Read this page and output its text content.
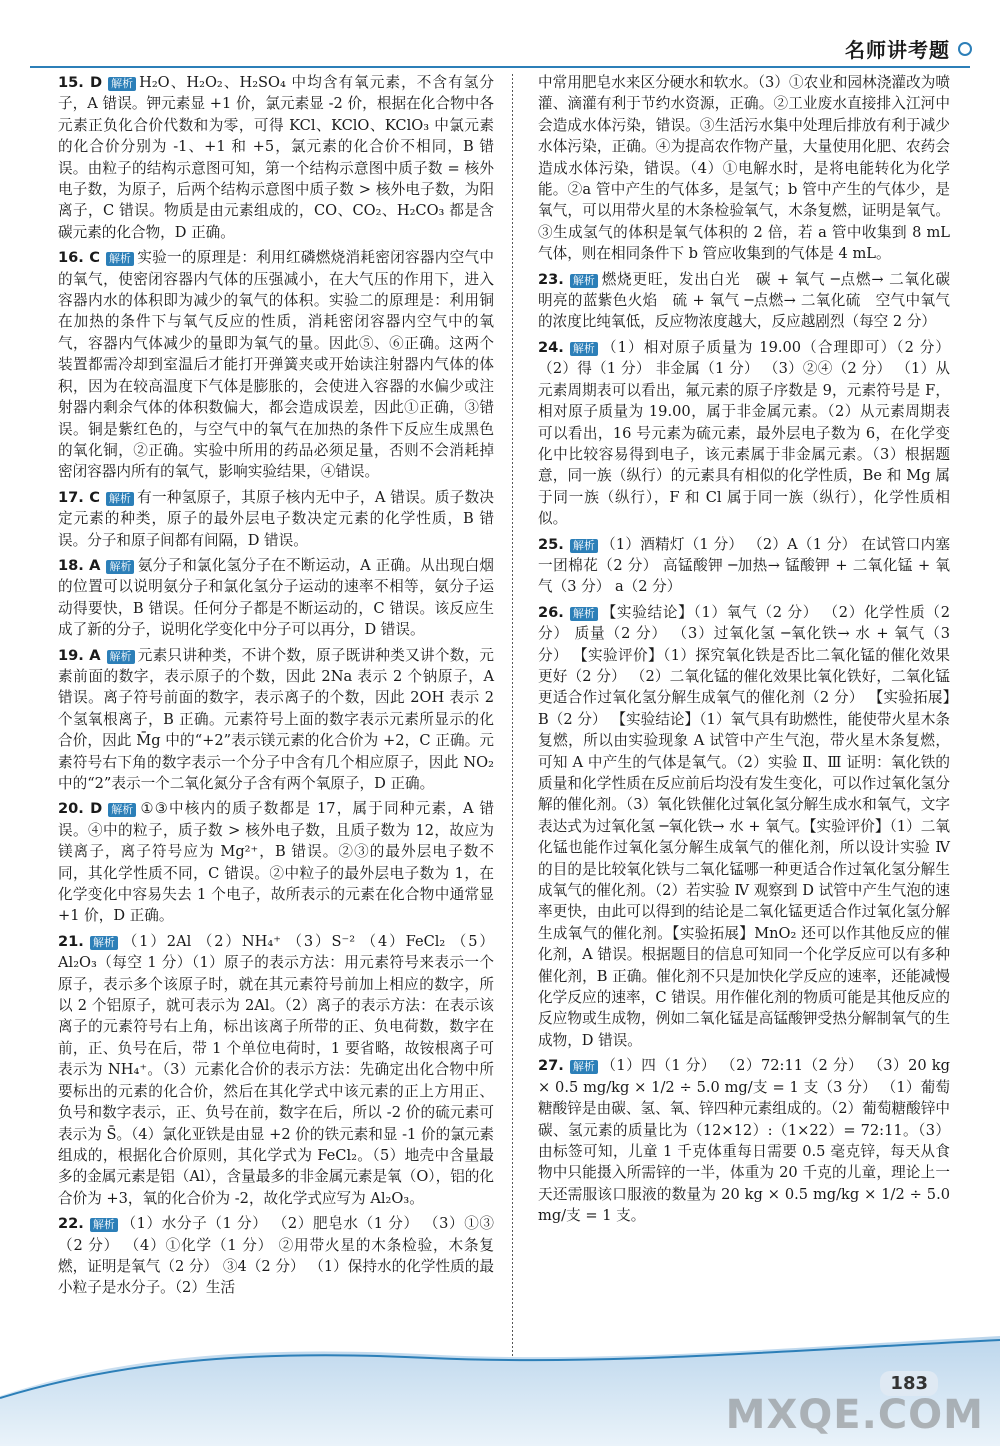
名师讲考题

15. D 解析 H₂O、H₂O₂、H₂SO₄ 中均含有氧元素，不含有氢分子，A 错误。钾元素显 +1 价，氯元素显 -2 价，根据在化合物中各元素正负化合价代数和为零，可得 KCl、KClO、KClO₃ 中氯元素的化合价分别为 -1、+1 和 +5，氯元素的化合价不相同，B 错误。由粒子的结构示意图可知，第一个结构示意图中质子数 = 核外电子数，为原子，后两个结构示意图中质子数 > 核外电子数，为阳离子，C 错误。物质是由元素组成的，CO、CO₂、H₂CO₃ 都是含碳元素的化合物，D 正确。

16. C 解析 实验一的原理是：利用红磷燃烧消耗密闭容器内空气中的氧气，使密闭容器内气体的压强减小，在大气压的作用下，进入容器内水的体积即为减少的氧气的体积。实验二的原理是：利用铜在加热的条件下与氧气反应的性质，消耗密闭容器内空气中的氧气，容器内气体减少的量即为氧气的量。因此⑤、⑥正确。这两个装置都需冷却到室温后才能打开弹簧夹或开始读注射器内气体的体积，因为在较高温度下气体是膨胀的，会使进入容器的水偏少或注射器内剩余气体的体积数偏大，都会造成误差，因此①正确，③错误。铜是紫红色的，与空气中的氧气在加热的条件下反应生成黑色的氧化铜，②正确。实验中所用的药品必须足量，否则不会消耗掉密闭容器内所有的氧气，影响实验结果，④错误。

17. C 解析 有一种氢原子，其原子核内无中子，A 错误。质子数决定元素的种类，原子的最外层电子数决定元素的化学性质，B 错误。分子和原子间都有间隔，D 错误。

18. A 解析 氨分子和氯化氢分子在不断运动，A 正确。从出现白烟的位置可以说明氨分子和氯化氢分子运动的速率不相等，氨分子运动得要快，B 错误。任何分子都是不断运动的，C 错误。该反应生成了新的分子，说明化学变化中分子可以再分，D 错误。

19. A 解析 元素只讲种类，不讲个数，原子既讲种类又讲个数，元素前面的数字，表示原子的个数，因此 2Na 表示 2 个钠原子，A 错误。离子符号前面的数字，表示离子的个数，因此 2OH 表示 2 个氢氧根离子，B 正确。元素符号上面的数字表示元素所显示的化合价，因此 M̄g 中的“+2”表示镁元素的化合价为 +2，C 正确。元素符号右下角的数字表示一个分子中含有几个相应原子，因此 NO₂ 中的“2”表示一个二氧化氮分子含有两个氧原子，D 正确。

20. D 解析 ①③中核内的质子数都是 17，属于同种元素，A 错误。④中的粒子，质子数 > 核外电子数，且质子数为 12，故应为镁离子，离子符号应为 Mg²⁺，B 错误。②③的最外层电子数不同，其化学性质不同，C 错误。②中粒子的最外层电子数为 1，在化学变化中容易失去 1 个电子，故所表示的元素在化合物中通常显 +1 价，D 正确。

21. 解析 （1）2Al （2）NH₄⁺ （3）S⁻² （4）FeCl₂ （5）Al₂O₃（每空 1 分）（1）原子的表示方法：用元素符号来表示一个原子，表示多个该原子时，就在其元素符号前加上相应的数字，所以 2 个铝原子，就可表示为 2Al。（2）离子的表示方法：在表示该离子的元素符号右上角，标出该离子所带的正、负电荷数，数字在前，正、负号在后，带 1 个单位电荷时，1 要省略，故铵根离子可表示为 NH₄⁺。（3）元素化合价的表示方法：先确定出化合物中所要标出的元素的化合价，然后在其化学式中该元素的正上方用正、负号和数字表示，正、负号在前，数字在后，所以 -2 价的硫元素可表示为 S̄。（4）氯化亚铁是由显 +2 价的铁元素和显 -1 价的氯元素组成的，根据化合价原则，其化学式为 FeCl₂。（5）地壳中含量最多的金属元素是铝（Al），含量最多的非金属元素是氧（O），铝的化合价为 +3，氧的化合价为 -2，故化学式应写为 Al₂O₃。

22. 解析 （1）水分子（1 分） （2）肥皂水（1 分） （3）①③（2 分） （4）①化学（1 分） ②用带火星的木条检验，木条复燃，证明是氧气（2 分） ③4（2 分） （1）保持水的化学性质的最小粒子是水分子。（2）生活

中常用肥皂水来区分硬水和软水。（3）①农业和园林浇灌改为喷灌、滴灌有利于节约水资源，正确。②工业废水直接排入江河中会造成水体污染，错误。③生活污水集中处理后排放有利于减少水体污染，正确。④为提高农作物产量，大量使用化肥、农药会造成水体污染，错误。（4）①电解水时，是将电能转化为化学能。②a 管中产生的气体多，是氢气；b 管中产生的气体少，是氧气，可以用带火星的木条检验氧气，木条复燃，证明是氧气。③生成氢气的体积是氧气体积的 2 倍，若 a 管中收集到 8 mL 气体，则在相同条件下 b 管应收集到的气体是 4 mL。

23. 解析 燃烧更旺，发出白光　碳 + 氧气 ─点燃→ 二氧化碳　明亮的蓝紫色火焰　硫 + 氧气 ─点燃→ 二氧化硫　空气中氧气的浓度比纯氧低，反应物浓度越大，反应越剧烈（每空 2 分）

24. 解析 （1）相对原子质量为 19.00（合理即可）（2 分） （2）得（1 分） 非金属（1 分） （3）②④（2 分） （1）从元素周期表可以看出，氟元素的原子序数是 9，元素符号是 F，相对原子质量为 19.00，属于非金属元素。（2）从元素周期表可以看出，16 号元素为硫元素，最外层电子数为 6，在化学变化中比较容易得到电子，该元素属于非金属元素。（3）根据题意，同一族（纵行）的元素具有相似的化学性质，Be 和 Mg 属于同一族（纵行），F 和 Cl 属于同一族（纵行），化学性质相似。

25. 解析 （1）酒精灯（1 分） （2）A（1 分） 在试管口内塞一团棉花（2 分） 高锰酸钾 ─加热→ 锰酸钾 + 二氧化锰 + 氧气（3 分） a（2 分）

26. 解析 【实验结论】（1）氧气（2 分） （2）化学性质（2 分） 质量（2 分） （3）过氧化氢 ─氧化铁→ 水 + 氧气（3 分） 【实验评价】（1）探究氧化铁是否比二氧化锰的催化效果更好（2 分） （2）二氧化锰的催化效果比氧化铁好，二氧化锰更适合作过氧化氢分解生成氧气的催化剂（2 分） 【实验拓展】B（2 分） 【实验结论】（1）氧气具有助燃性，能使带火星木条复燃，所以由实验现象 A 试管中产生气泡，带火星木条复燃，可知 A 中产生的气体是氧气。（2）实验 Ⅱ、Ⅲ 证明：氧化铁的质量和化学性质在反应前后均没有发生变化，可以作过氧化氢分解的催化剂。（3）氧化铁催化过氧化氢分解生成水和氧气，文字表达式为过氧化氢 ─氧化铁→ 水 + 氧气。【实验评价】（1）二氧化锰也能作过氧化氢分解生成氧气的催化剂，所以设计实验 Ⅳ 的目的是比较氧化铁与二氧化锰哪一种更适合作过氧化氢分解生成氧气的催化剂。（2）若实验 Ⅳ 观察到 D 试管中产生气泡的速率更快，由此可以得到的结论是二氧化锰更适合作过氧化氢分解生成氧气的催化剂。【实验拓展】MnO₂ 还可以作其他反应的催化剂，A 错误。根据题目的信息可知同一个化学反应可以有多种催化剂，B 正确。催化剂不只是加快化学反应的速率，还能减慢化学反应的速率，C 错误。用作催化剂的物质可能是其他反应的反应物或生成物，例如二氧化锰是高锰酸钾受热分解制氧气的生成物，D 错误。

27. 解析 （1）四（1 分） （2）72:11（2 分） （3）20 kg × 0.5 mg/kg × 1/2 ÷ 5.0 mg/支 = 1 支（3 分） （1）葡萄糖酸锌是由碳、氢、氧、锌四种元素组成的。（2）葡萄糖酸锌中碳、氢元素的质量比为（12×12）:（1×22）= 72:11。（3）由标签可知，儿童 1 千克体重每日需要 0.5 毫克锌，每天从食物中只能摄入所需锌的一半，体重为 20 千克的儿童，理论上一天还需服该口服液的数量为 20 kg × 0.5 mg/kg × 1/2 ÷ 5.0 mg/支 = 1 支。

183
MXQE.COM
